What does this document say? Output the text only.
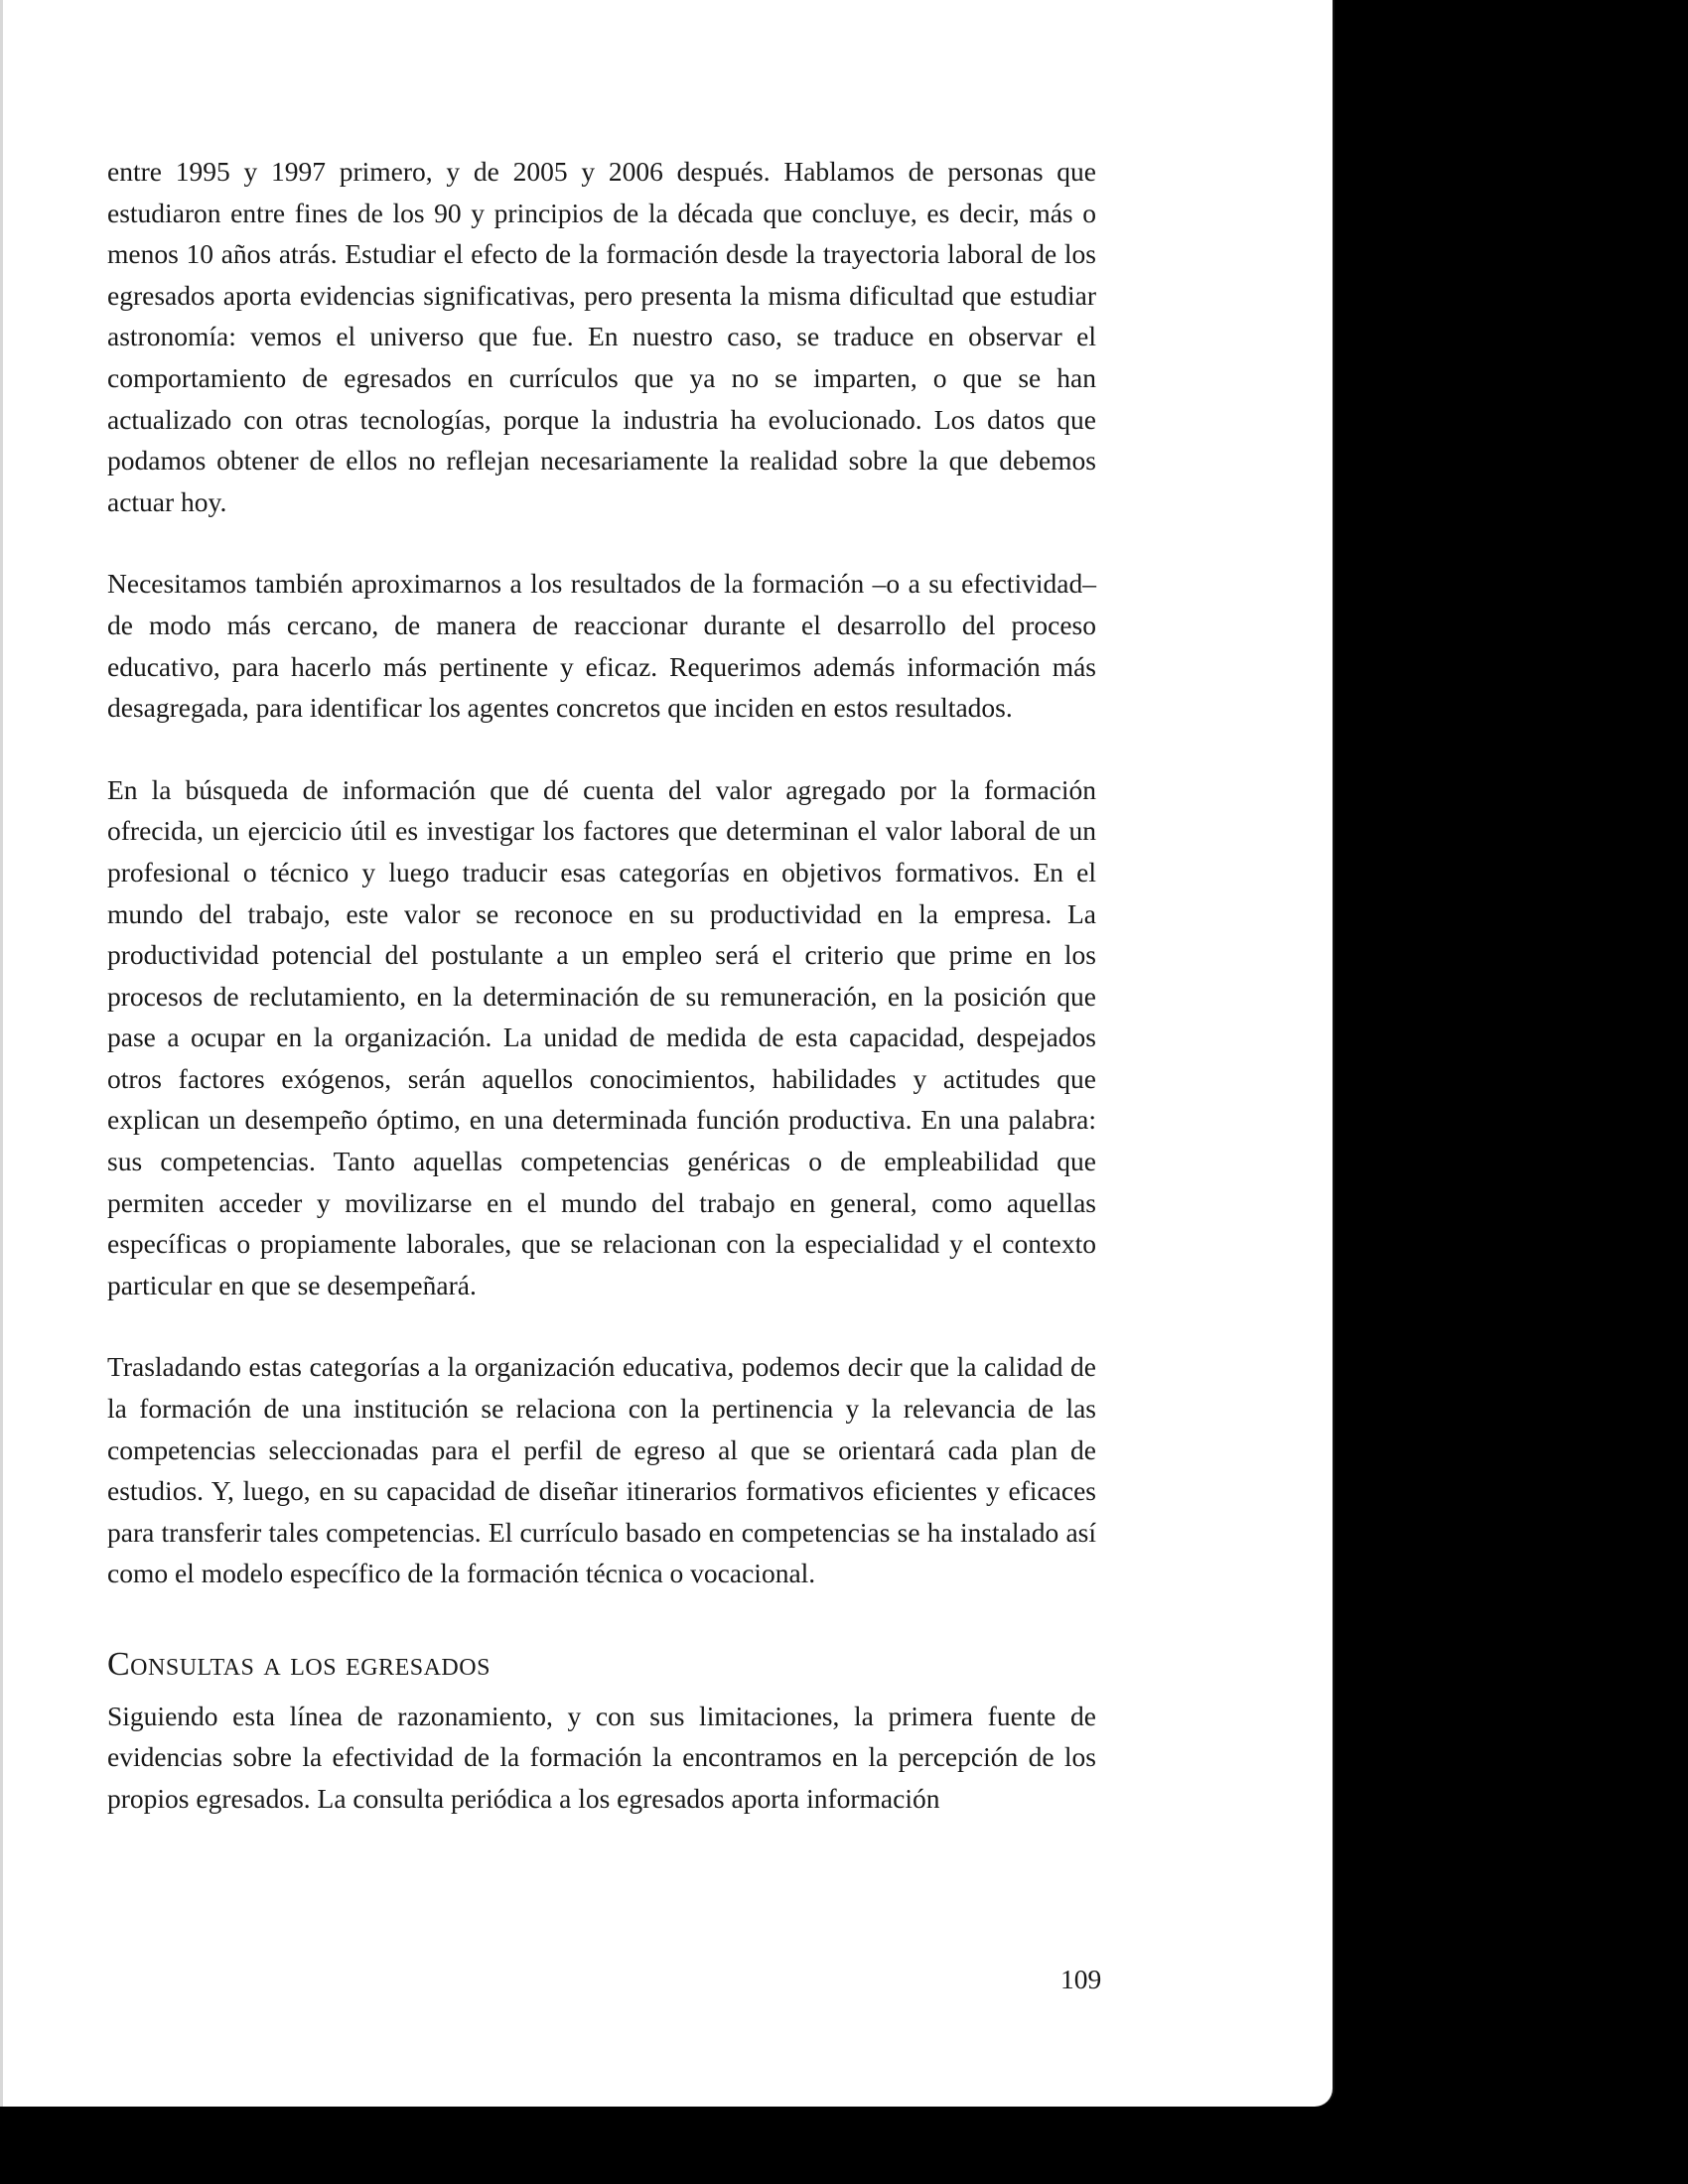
entre 1995 y 1997 primero, y de 2005 y 2006 después. Hablamos de personas que estudiaron entre fines de los 90 y principios de la década que concluye, es decir, más o menos 10 años atrás. Estudiar el efecto de la formación desde la trayectoria laboral de los egresados aporta evidencias significativas, pero presenta la misma dificultad que estudiar astronomía: vemos el universo que fue. En nuestro caso, se traduce en observar el comportamiento de egresados en currículos que ya no se imparten, o que se han actualizado con otras tecnologías, porque la industria ha evolucionado. Los datos que podamos obtener de ellos no reflejan necesariamente la realidad sobre la que debemos actuar hoy.

Necesitamos también aproximarnos a los resultados de la formación –o a su efectividad– de modo más cercano, de manera de reaccionar durante el desarrollo del proceso educativo, para hacerlo más pertinente y eficaz. Requerimos además información más desagregada, para identificar los agentes concretos que inciden en estos resultados.

En la búsqueda de información que dé cuenta del valor agregado por la formación ofrecida, un ejercicio útil es investigar los factores que determinan el valor laboral de un profesional o técnico y luego traducir esas categorías en objetivos formativos. En el mundo del trabajo, este valor se reconoce en su productividad en la empresa. La productividad potencial del postulante a un empleo será el criterio que prime en los procesos de reclutamiento, en la determinación de su remuneración, en la posición que pase a ocupar en la organización. La unidad de medida de esta capacidad, despejados otros factores exógenos, serán aquellos conocimientos, habilidades y actitudes que explican un desempeño óptimo, en una determinada función productiva. En una palabra: sus competencias. Tanto aquellas competencias genéricas o de empleabilidad que permiten acceder y movilizarse en el mundo del trabajo en general, como aquellas específicas o propiamente laborales, que se relacionan con la especialidad y el contexto particular en que se desempeñará.

Trasladando estas categorías a la organización educativa, podemos decir que la calidad de la formación de una institución se relaciona con la pertinencia y la relevancia de las competencias seleccionadas para el perfil de egreso al que se orientará cada plan de estudios. Y, luego, en su capacidad de diseñar itinerarios formativos eficientes y eficaces para transferir tales competencias. El currículo basado en competencias se ha instalado así como el modelo específico de la formación técnica o vocacional.

Consultas a los egresados

Siguiendo esta línea de razonamiento, y con sus limitaciones, la primera fuente de evidencias sobre la efectividad de la formación la encontramos en la percepción de los propios egresados. La consulta periódica a los egresados aporta información

109
